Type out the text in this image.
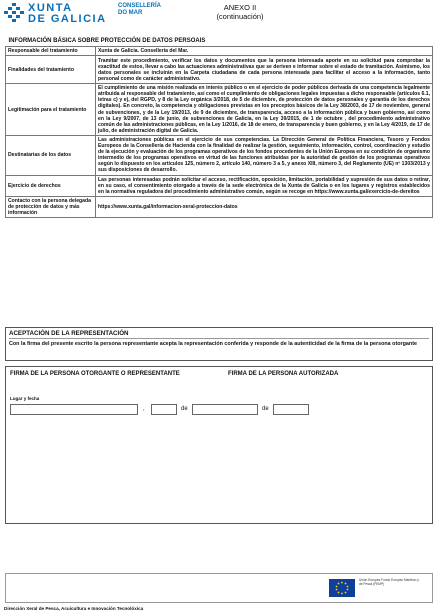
XUNTA
DE GALICIA
CONSELLERÍA
DO MAR
ANEXO II
(continuación)
INFORMACIÓN BÁSICA SOBRE PROTECCIÓN DE DATOS PERSOAIS	
Responsable del tratamiento	Xunta de Galicia. Consellería del Mar.
Finalidades del tratamiento	Tramitar este procedimiento, verificar los datos y documentos que la persona interesada aporte en su solicitud para comprobar la exactitud de estos, llevar a cabo las actuaciones administrativas que se deriven e informar sobre el estado de tramitación. Asimismo, los datos personales se incluirán en la Carpeta ciudadana de cada persona interesada para facilitar el acceso a la información, tanto personal como de carácter administrativo.
Legitimación para el tratamiento	El cumplimiento de una misión realizada en interés público o en el ejercicio de poder públicos derivada de una competencia legalmente atribuida al responsable del tratamiento, así como el cumplimiento de obligaciones legales impuestas a dicho responsable (artículos 6.1, letras c) y e), del RGPD, y 8 de la Ley orgánica 3/2018, de 5 de diciembre, de protección de datos personales y garantía de los derechos digitales). En concreto, la competencia y obligaciones previstas en los preceptos básicos de la Ley 38/2003, de 17 de noviembre, general de subvenciones, y de la Ley 19/2013, de 9 de diciembre, de transparencia, acceso a la información pública y buen gobierno, así como en la Ley 9/2007, de 13 de junio, de subvenciones de Galicia, en la Ley 39/2015, de 1 de octubre , del procedimiento administrativo común de las administraciones públicas, en la Ley 1/2016, de 18 de enero, de transparencia y buen gobierno, y en la Ley 4/2019, de 17 de julio, de administración digital de Galicia.
Destinatarias de los datos	Las administraciones públicas en el ejercicio de sus competencias. La Dirección General de Política Financiera, Tesoro y Fondos Europeos de la Consellería de Hacienda con la finalidad de realizar la gestión, seguimiento, información, control, coordinación y estudio de la ejecución y evaluación de los programas operativos de los fondos procedentes de la Unión Europea en su condición de organismo intermedio de los programas operativos en virtud de las funciones atribuidas por la autoridad de gestión de los programas operativos según lo dispuesto en los artículos 125, número 2, artículo 140, número 3 a 5, y anexo XIII, número 3, del Reglamento (UE) nº 1303/2013 y sus disposiciones de desarrollo.
Ejercicio de derechos	Las personas interesadas podrán solicitar el acceso, rectificación, oposición, limitación, portabilidad y supresión de sus datos o retirar, en su caso, el consentimiento otorgado a través de la sede electrónica de la Xunta de Galicia o en los lugares y registros establecidos en la normativa reguladora del procedimiento administrativo común, según se recoge en https://www.xunta.gal/exercicio-de-dereitos
Contacto con la persona delegada de protección de datos y más información	https://www.xunta.gal/informacion-xeral-proteccion-datos
ACEPTACIÓN DE LA REPRESENTACIÓN
Con la firma del presente escrito la persona representante acepta la representación conferida y responde de la autenticidad de la firma de la persona otorgante
FIRMA DE LA PERSONA OTORGANTE O REPRESENTANTE	FIRMA DE LA PERSONA AUTORIZADA
Lugar y fecha
,	de	de
Unión Europea Fondo Europeo Marítimo y de Pesca (FEMP)
Dirección Xeral de Pesca, Acuicultura e Innovación Tecnolóxica
